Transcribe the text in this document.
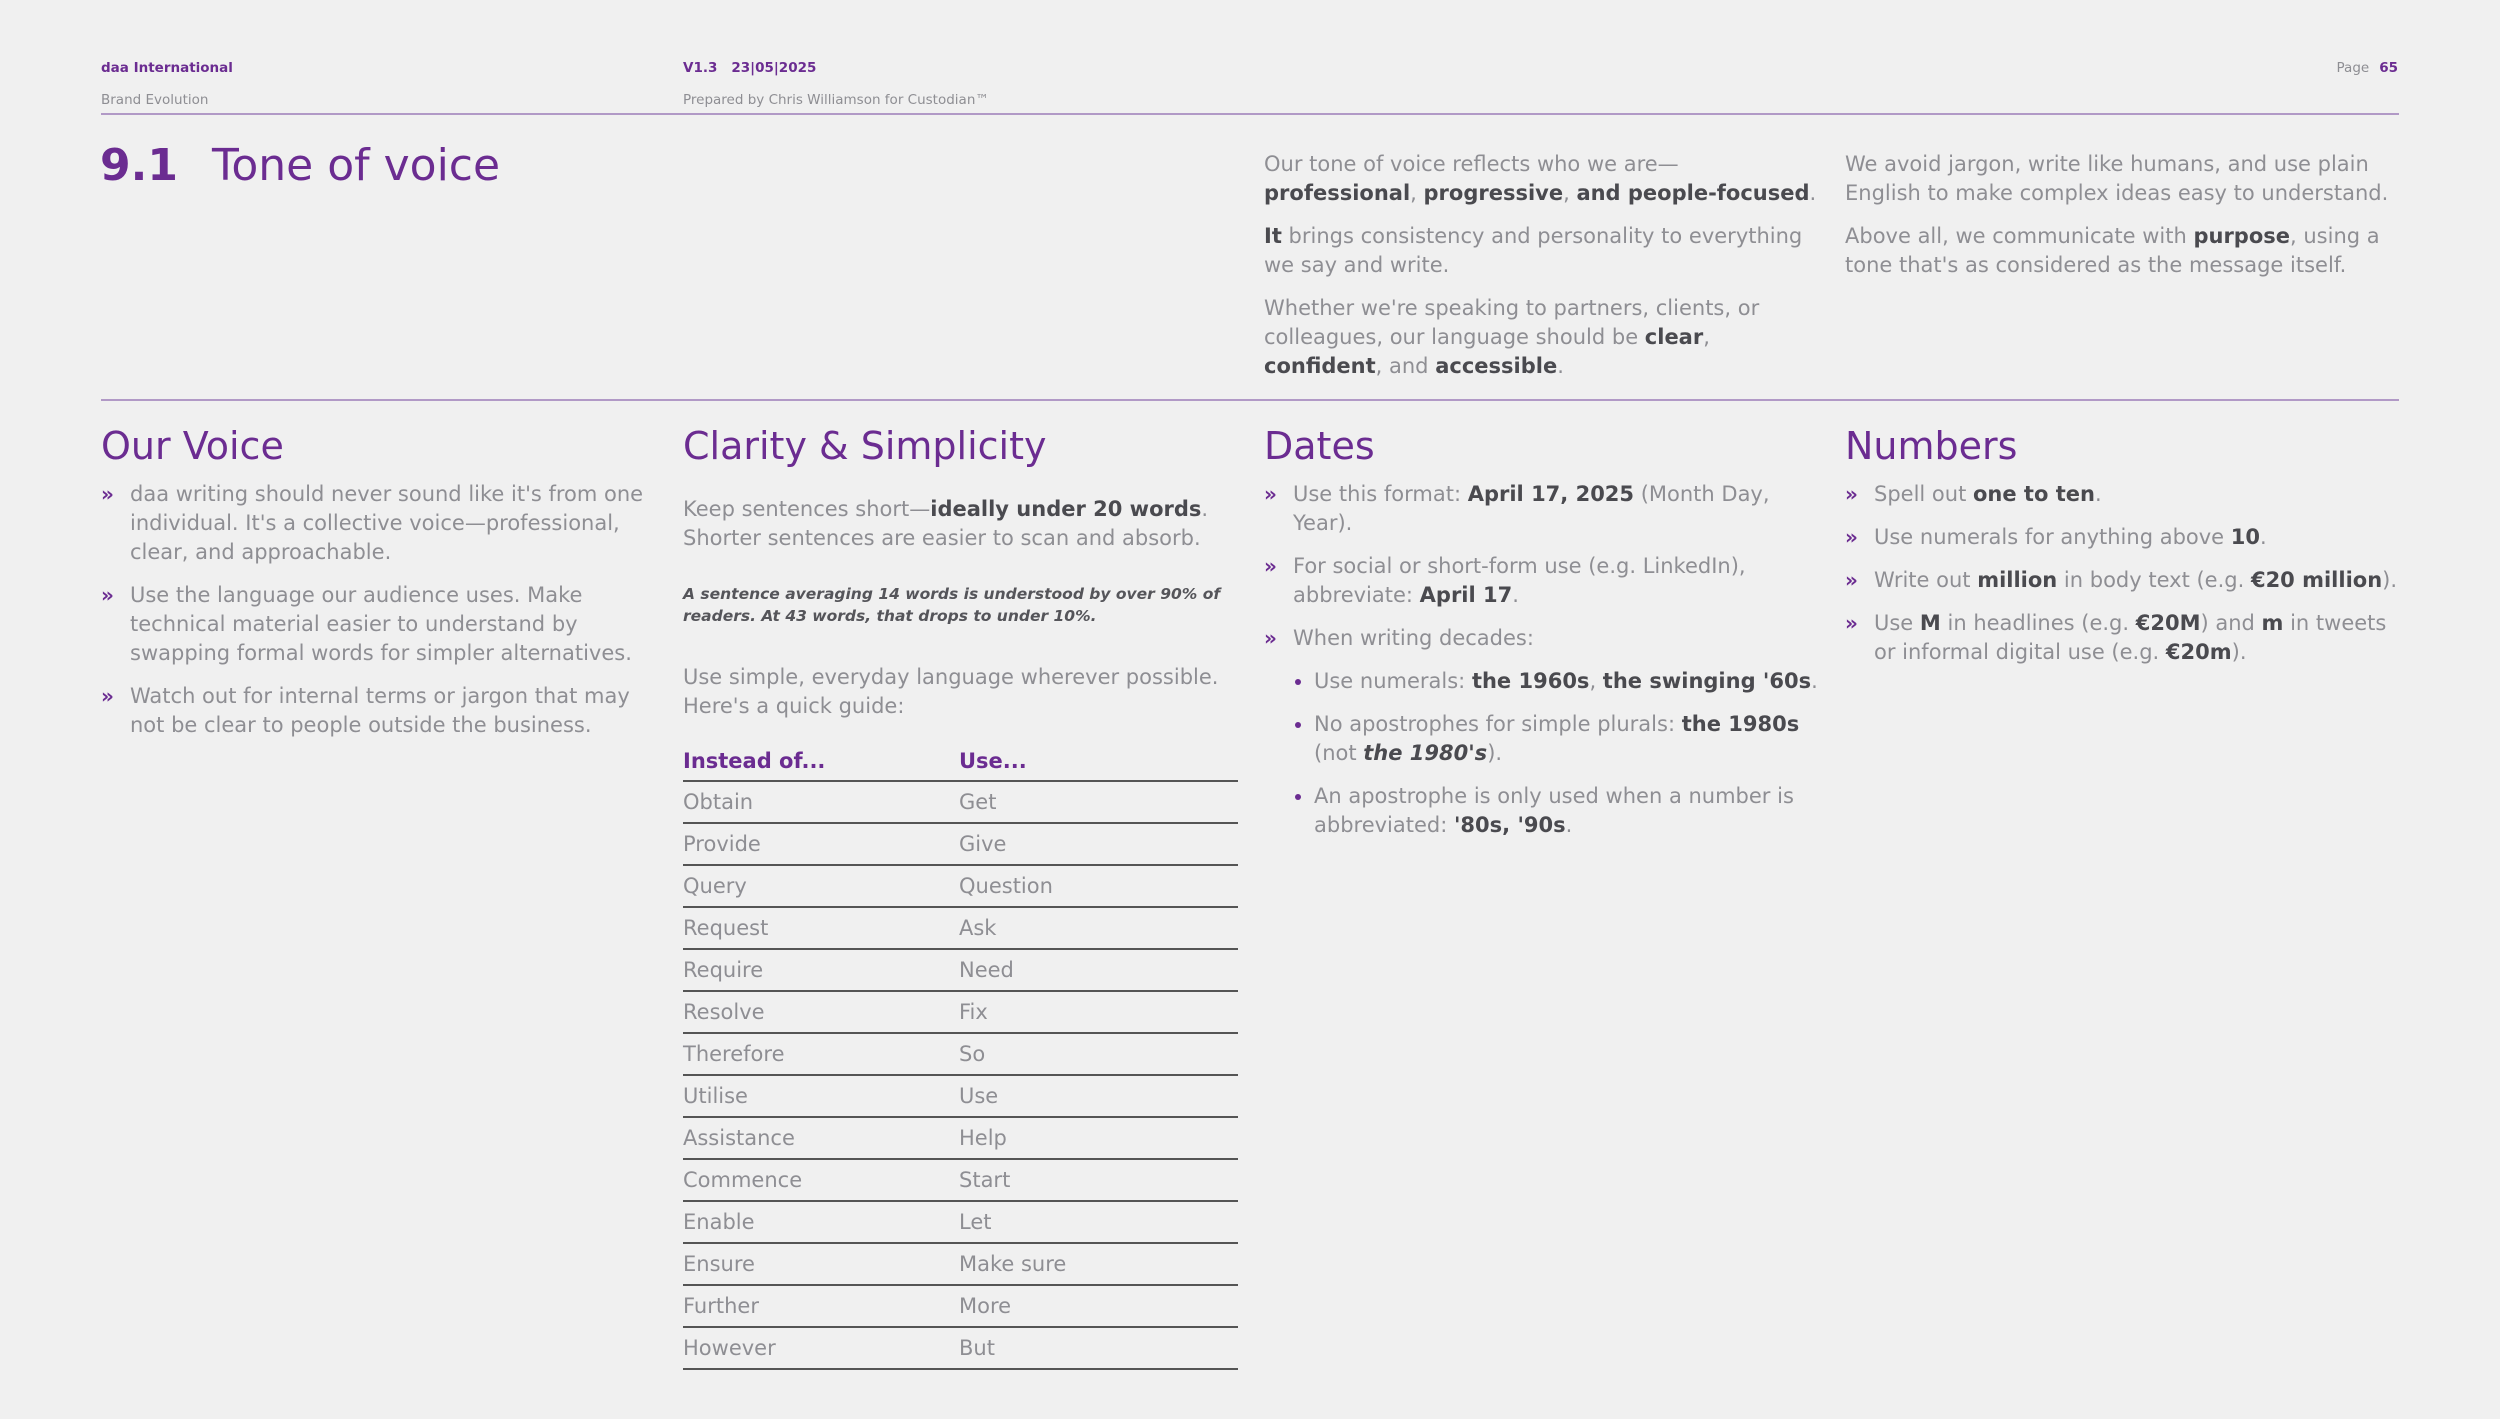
daa International
Brand Evolution
V1.3 23|05|2025
Prepared by Chris Williamson for Custodian™
Page 65
9.1 Tone of voice	Our tone of voice reflects who we are—professional, progressive, and people-focused.

It brings consistency and personality to everything we say and write.

Whether we're speaking to partners, clients, or colleagues, our language should be clear, confident, and accessible.

We avoid jargon, write like humans, and use plain English to make complex ideas easy to understand.

Above all, we communicate with purpose, using a tone that's as considered as the message itself.

Our Voice
» daa writing should never sound like it's from one individual. It's a collective voice—professional, clear, and approachable.
» Use the language our audience uses. Make technical material easier to understand by swapping formal words for simpler alternatives.
» Watch out for internal terms or jargon that may not be clear to people outside the business.
Clarity & Simplicity

Keep sentences short—ideally under 20 words. Shorter sentences are easier to scan and absorb.

A sentence averaging 14 words is understood by over 90% of readers. At 43 words, that drops to under 10%.

Use simple, everyday language wherever possible. Here's a quick guide:

Instead of...	Use...
Obtain	Get
Provide	Give
Query	Question
Request	Ask
Require	Need
Resolve	Fix
Therefore	So
Utilise	Use
Assistance	Help
Commence	Start
Enable	Let
Ensure	Make sure
Further	More
However	But
Dates
» Use this format: April 17, 2025 (Month Day, Year).
» For social or short-form use (e.g. LinkedIn), abbreviate: April 17.
» When writing decades:
Use numerals: the 1960s, the swinging '60s.
No apostrophes for simple plurals: the 1980s (not the 1980's).
An apostrophe is only used when a number is abbreviated: '80s, '90s.
Numbers
» Spell out one to ten.
» Use numerals for anything above 10.
» Write out million in body text (e.g. €20 million).
» Use M in headlines (e.g. €20M) and m in tweets or informal digital use (e.g. €20m).
